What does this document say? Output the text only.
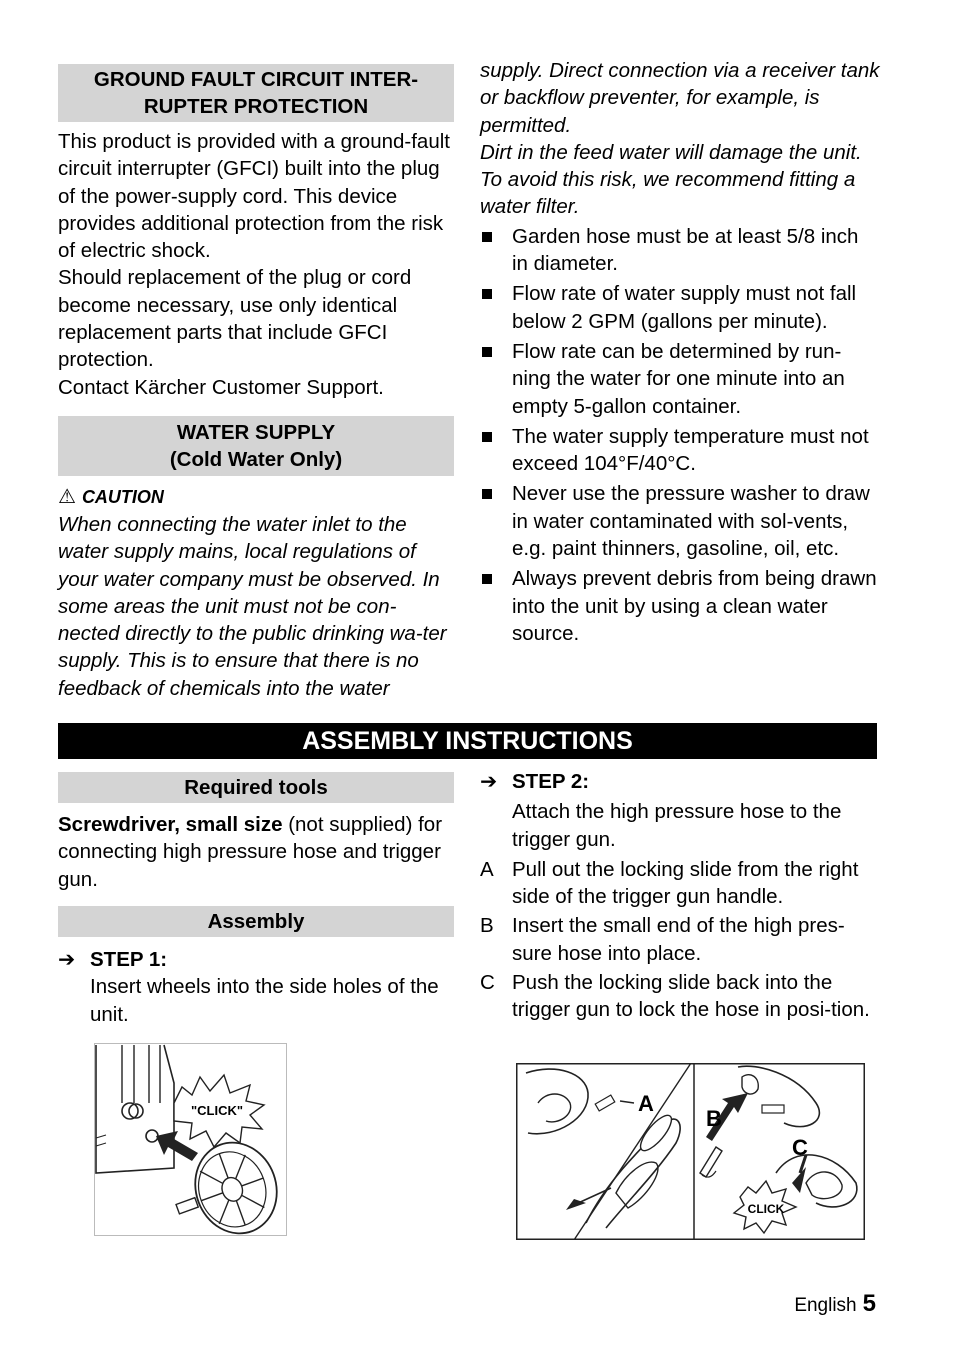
GROUND FAULT CIRCUIT INTER-RUPTER PROTECTION

This product is provided with a ground-fault circuit interrupter (GFCI) built into the plug of the power-supply cord. This device provides additional protection from the risk of electric shock.

Should replacement of the plug or cord become necessary, use only identical replacement parts that include GFCI protection.

Contact Kärcher Customer Support.

WATER SUPPLY
(Cold Water Only)
⚠ CAUTION

When connecting the water inlet to the water supply mains, local regulations of your water company must be observed. In some areas the unit must not be con-nected directly to the public drinking wa-ter supply. This is to ensure that there is no feedback of chemicals into the water

supply. Direct connection via a receiver tank or backflow preventer, for example, is permitted.

Dirt in the feed water will damage the unit. To avoid this risk, we recommend fitting a water filter.

Garden hose must be at least 5/8 inch in diameter.
Flow rate of water supply must not fall below 2 GPM (gallons per minute).
Flow rate can be determined by run-ning the water for one minute into an empty 5-gallon container.
The water supply temperature must not exceed 104°F/40°C.
Never use the pressure washer to draw in water contaminated with sol-vents, e.g. paint thinners, gasoline, oil, etc.
Always prevent debris from being drawn into the unit by using a clean water source.
ASSEMBLY INSTRUCTIONS
Required tools

Screwdriver, small size (not supplied) for connecting high pressure hose and trigger gun.

Assembly
➔ STEP 1:
Insert wheels into the side holes of the unit.
"CLICK"
➔ STEP 2:
Attach the high pressure hose to the trigger gun.
A Pull out the locking slide from the right side of the trigger gun handle.
B Insert the small end of the high pres-sure hose into place.
C Push the locking slide back into the trigger gun to lock the hose in posi-tion.
A
CLICK
B
C
English 5
